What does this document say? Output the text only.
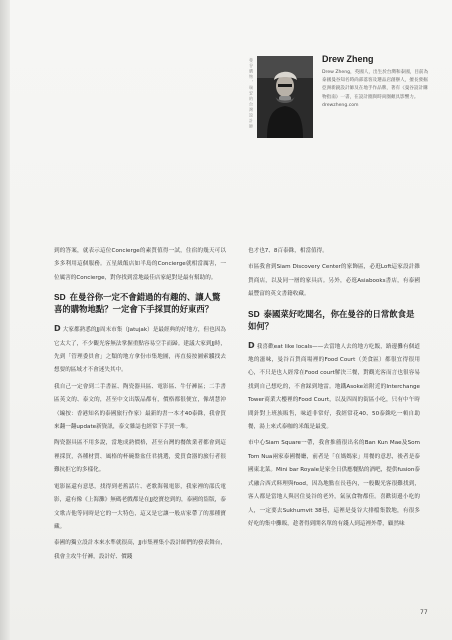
曼谷購物，瑞安的台灣設計師	Drew Zheng
Drew Zheng，英國人，出生於台灣和泰國，目前為泰國曼谷知名時尚部落客及選品店創辦人，擅長發掘亞洲新銳設計師及在地手作品牌，著有《曼谷設計購物指南》一書，在設計圈與時尚圈頗具影響力。
drewzheng.com

到的答案，就表示這位Concierge的素質值得一試，住宿的幾天可以多多利用這個服務。五星級飯店如半島的Concierge就相當厲害，一位厲害的Concierge，對你找到當地最佳店家絕對是最有幫助的。

SD 在曼谷你一定不會錯過的有趣的、讓人驚喜的購物地點？一定會下手採買的好東西？

D 大家都熟悉的JJ周末市集（Jatujak）是最經典的好地方，但也因為它太大了，不少觀光客無法掌握重點容易空手而歸。建議大家到JJ時，先到「管理委員會」之類的地方拿份市集地圖，再直接按圖索驥找去想要的區域才不會迷失其中。

我自己一定會到二手書區、陶瓷器具區、電影區、牛仔褲區；二手書區英文的、泰文的，甚至中文出版品都有，價格都很便宜，像胡慧沖（編按：香港知名的泰國旅行作家）最新的書一本才40泰銖，我會買來翻一翻update新資訊，泰文雜誌也經常下手買一堆。

陶瓷器具區不用多說，當地成熟價格，甚至台灣的餐飲業者都會到這裡採買，各種材質、風格的杯碗盤盆任君挑選，愛買食器的旅行者很難抗拒它的多樣化。

電影區還有意思，找得到老舊話片、老歌海報電影，我家裡的邵氏電影，還有像《上海灘》無碼老戲都是在JJ挖寶挖到的，泰國的盜版，泰文歌吉他等同時是它的一大特色，這又是它讓一般店家帶了的那種寶藏。

泰國的獨立設計本來水準就很高，JJ市集裡集小設計師們的發表舞台，我會主攻牛仔褲，設計好、價錢

也才也7、8百泰銖，相當值得。

市區我會到Siam Discovery Center的家飾區，必逛Loft這家設計雜貨商店，以及同一層的家具店。另外，必逛Asiabooks書店，有泰國最豐富的英文書籍收藏。

SD 泰國菜好吃聞名，你在曼谷的日常飲食是如何？

D 我喜歡eat like locals——去當地人去的地方吃飯，路邊攤有個道地的滋味，曼谷百貨商場裡的Food Court（美食區）都很宜得很用心，不只是也人經常在Food court解決三餐，對觀光客而言也很容易找到自己想吃的，不會踩到地雷。地鐵Asoke站附近的Interchange Tower商業大樓裡的Food Court，以及四周的街區小吃，只有中午時間針對上班族販售，味道非常好，我經常花40、50泰銖吃一頓自助餐，湯上來式泰咖的米飯是最愛。

市中心Siam Square一帶，我會推薦很出名的Ban Kun Mae及Som Tom Nua兩家泰國餐廳，前者是「在媽媽家」用餐的意思，後者是泰國東北菜。Mini bar Royale是家全日供應餐點的酒吧，提供fusion泰式融合西式料理與food，因為地點在長巷內，一般觀光客很難找到，客人都是當地人與居住曼谷的老外，氣氛食物都佳。喜歡街邊小吃的人，一定要去Sukhumvit 38巷，這裡是曼谷大排檔集散地，有很多好吃的集中攤販，趁著得到開名單的有錢人到這裡外帶，顧然味

77
